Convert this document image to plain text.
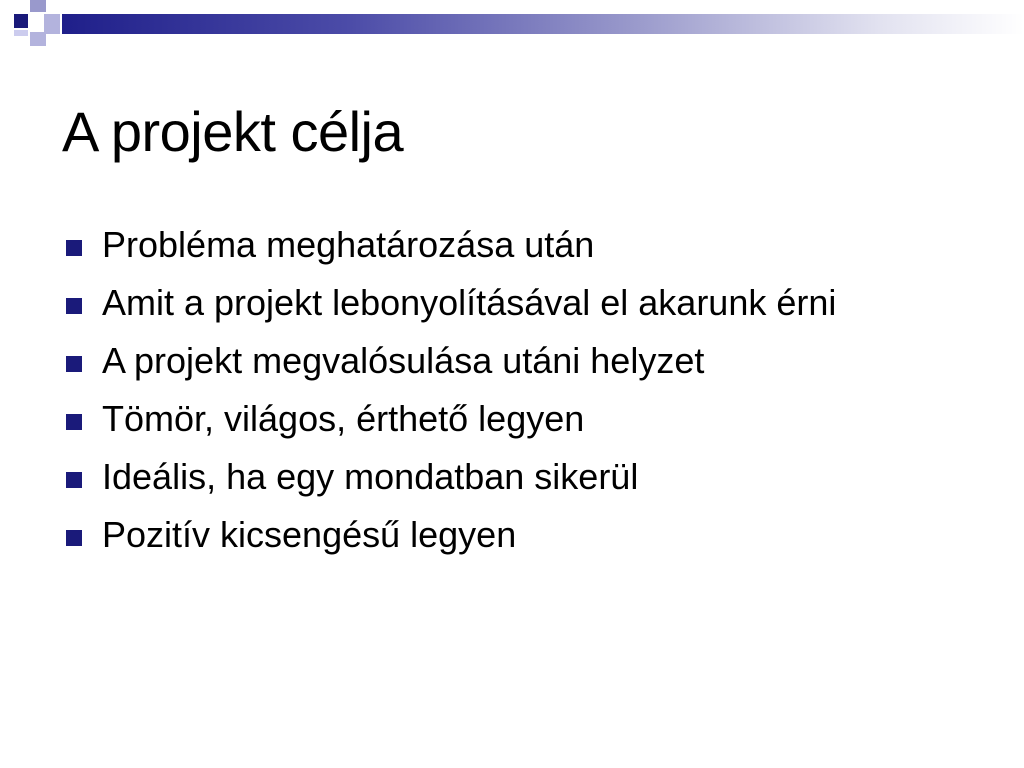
A projekt célja
Probléma meghatározása után
Amit a projekt lebonyolításával el akarunk érni
A projekt megvalósulása utáni helyzet
Tömör, világos, érthető legyen
Ideális, ha egy mondatban sikerül
Pozitív kicsengésű legyen
